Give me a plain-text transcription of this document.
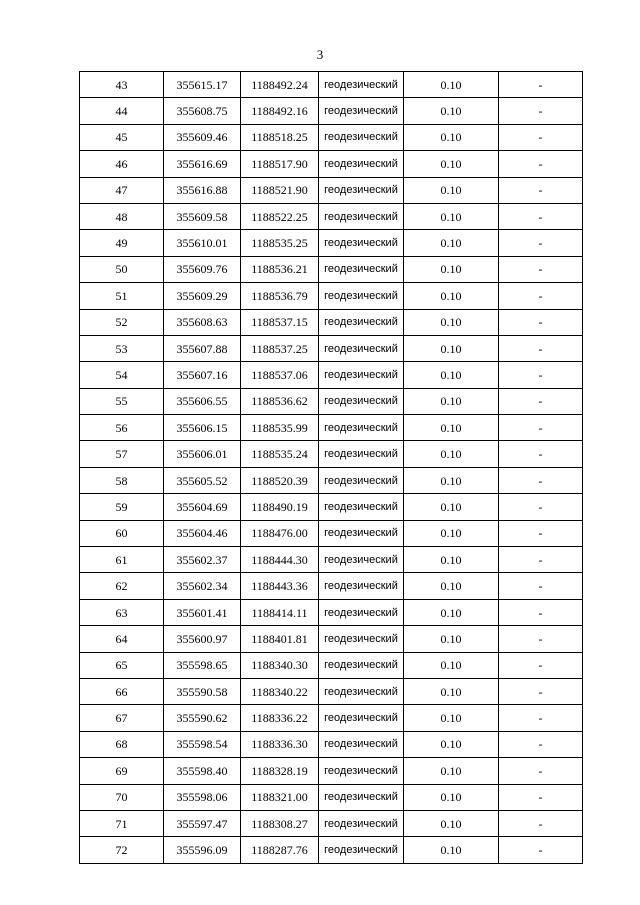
3
43	355615.17	1188492.24	геодезический	0.10	-
44	355608.75	1188492.16	геодезический	0.10	-
45	355609.46	1188518.25	геодезический	0.10	-
46	355616.69	1188517.90	геодезический	0.10	-
47	355616.88	1188521.90	геодезический	0.10	-
48	355609.58	1188522.25	геодезический	0.10	-
49	355610.01	1188535.25	геодезический	0.10	-
50	355609.76	1188536.21	геодезический	0.10	-
51	355609.29	1188536.79	геодезический	0.10	-
52	355608.63	1188537.15	геодезический	0.10	-
53	355607.88	1188537.25	геодезический	0.10	-
54	355607.16	1188537.06	геодезический	0.10	-
55	355606.55	1188536.62	геодезический	0.10	-
56	355606.15	1188535.99	геодезический	0.10	-
57	355606.01	1188535.24	геодезический	0.10	-
58	355605.52	1188520.39	геодезический	0.10	-
59	355604.69	1188490.19	геодезический	0.10	-
60	355604.46	1188476.00	геодезический	0.10	-
61	355602.37	1188444.30	геодезический	0.10	-
62	355602.34	1188443.36	геодезический	0.10	-
63	355601.41	1188414.11	геодезический	0.10	-
64	355600.97	1188401.81	геодезический	0.10	-
65	355598.65	1188340.30	геодезический	0.10	-
66	355590.58	1188340.22	геодезический	0.10	-
67	355590.62	1188336.22	геодезический	0.10	-
68	355598.54	1188336.30	геодезический	0.10	-
69	355598.40	1188328.19	геодезический	0.10	-
70	355598.06	1188321.00	геодезический	0.10	-
71	355597.47	1188308.27	геодезический	0.10	-
72	355596.09	1188287.76	геодезический	0.10	-
